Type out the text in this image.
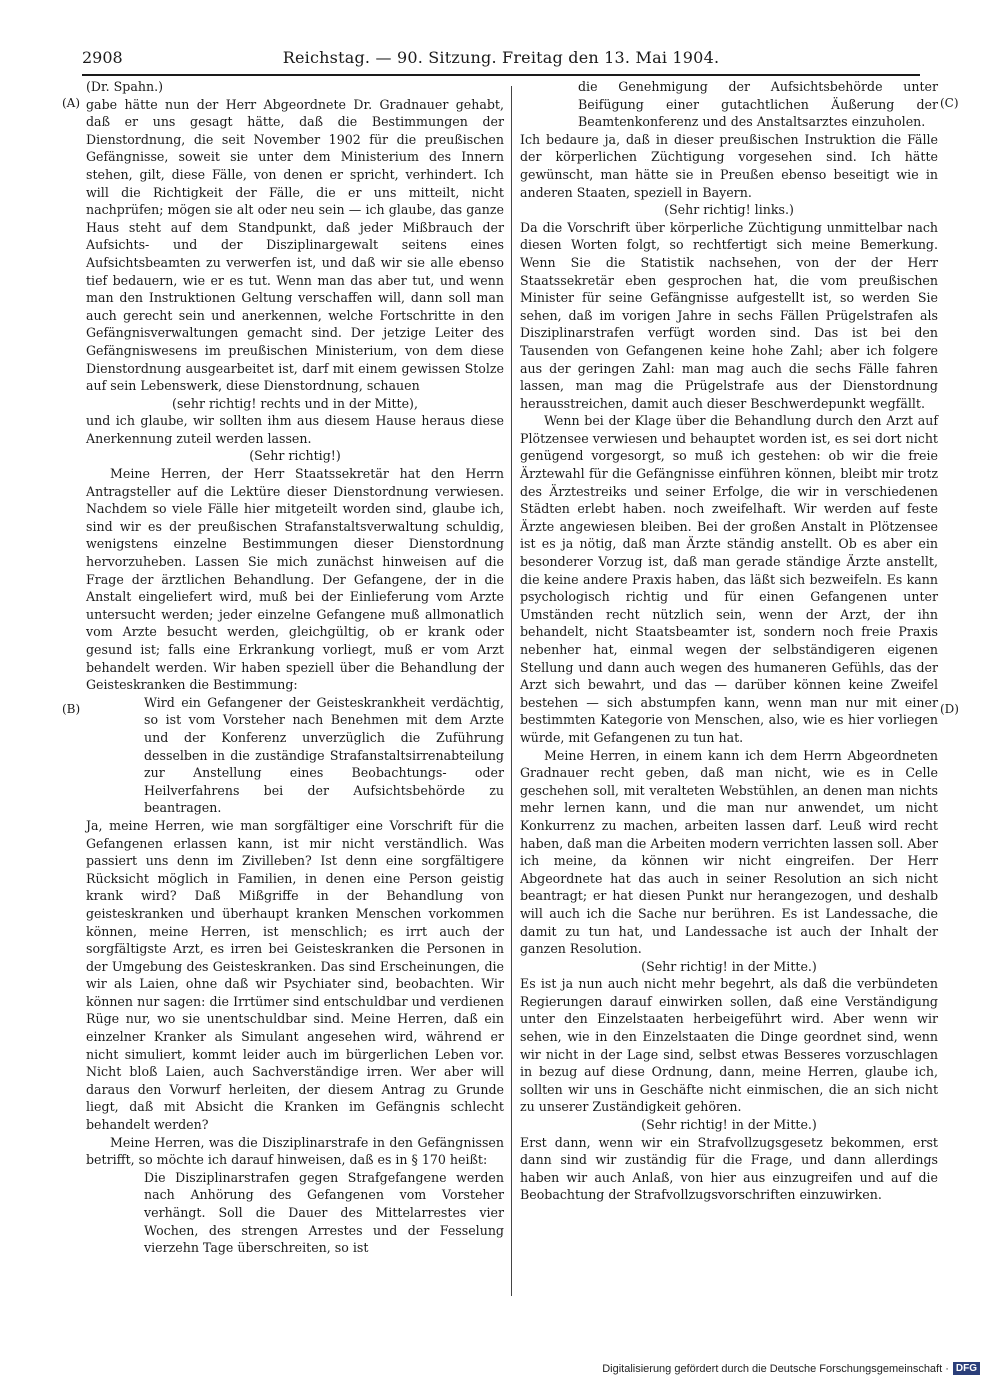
2908	Reichstag. — 90. Sitzung. Freitag den 13. Mai 1904.
(A)
(B)
(C)
(D)

(Dr. Spahn.)

gabe hätte nun der Herr Abgeordnete Dr. Gradnauer gehabt, daß er uns gesagt hätte, daß die Bestimmungen der Dienstordnung, die seit November 1902 für die preußischen Gefängnisse, soweit sie unter dem Ministerium des Innern stehen, gilt, diese Fälle, von denen er spricht, verhindert. Ich will die Richtigkeit der Fälle, die er uns mitteilt, nicht nachprüfen; mögen sie alt oder neu sein — ich glaube, das ganze Haus steht auf dem Standpunkt, daß jeder Mißbrauch der Aufsichts- und der Disziplinargewalt seitens eines Aufsichtsbeamten zu verwerfen ist, und daß wir sie alle ebenso tief bedauern, wie er es tut. Wenn man das aber tut, und wenn man den Instruktionen Geltung verschaffen will, dann soll man auch gerecht sein und anerkennen, welche Fortschritte in den Gefängnisverwaltungen gemacht sind. Der jetzige Leiter des Gefängniswesens im preußischen Ministerium, von dem diese Dienstordnung ausgearbeitet ist, darf mit einem gewissen Stolze auf sein Lebenswerk, diese Dienstordnung, schauen

(sehr richtig! rechts und in der Mitte),

und ich glaube, wir sollten ihm aus diesem Hause heraus diese Anerkennung zuteil werden lassen.

(Sehr richtig!)

Meine Herren, der Herr Staatssekretär hat den Herrn Antragsteller auf die Lektüre dieser Dienstordnung verwiesen. Nachdem so viele Fälle hier mitgeteilt worden sind, glaube ich, sind wir es der preußischen Strafanstaltsverwaltung schuldig, wenigstens einzelne Bestimmungen dieser Dienstordnung hervorzuheben. Lassen Sie mich zunächst hinweisen auf die Frage der ärztlichen Behandlung. Der Gefangene, der in die Anstalt eingeliefert wird, muß bei der Einlieferung vom Arzte untersucht werden; jeder einzelne Gefangene muß allmonatlich vom Arzte besucht werden, gleichgültig, ob er krank oder gesund ist; falls eine Erkrankung vorliegt, muß er vom Arzt behandelt werden. Wir haben speziell über die Behandlung der Geisteskranken die Bestimmung:

Wird ein Gefangener der Geisteskrankheit verdächtig, so ist vom Vorsteher nach Benehmen mit dem Arzte und der Konferenz unverzüglich die Zuführung desselben in die zuständige Strafanstaltsirrenabteilung zur Anstellung eines Beobachtungs- oder Heilverfahrens bei der Aufsichtsbehörde zu beantragen.

Ja, meine Herren, wie man sorgfältiger eine Vorschrift für die Gefangenen erlassen kann, ist mir nicht verständlich. Was passiert uns denn im Zivilleben? Ist denn eine sorgfältigere Rücksicht möglich in Familien, in denen eine Person geistig krank wird? Daß Mißgriffe in der Behandlung von geisteskranken und überhaupt kranken Menschen vorkommen können, meine Herren, ist menschlich; es irrt auch der sorgfältigste Arzt, es irren bei Geisteskranken die Personen in der Umgebung des Geisteskranken. Das sind Erscheinungen, die wir als Laien, ohne daß wir Psychiater sind, beobachten. Wir können nur sagen: die Irrtümer sind entschuldbar und verdienen Rüge nur, wo sie unentschuldbar sind. Meine Herren, daß ein einzelner Kranker als Simulant angesehen wird, während er nicht simuliert, kommt leider auch im bürgerlichen Leben vor. Nicht bloß Laien, auch Sachverständige irren. Wer aber will daraus den Vorwurf herleiten, der diesem Antrag zu Grunde liegt, daß mit Absicht die Kranken im Gefängnis schlecht behandelt werden?

Meine Herren, was die Disziplinarstrafe in den Gefängnissen betrifft, so möchte ich darauf hinweisen, daß es in § 170 heißt:

Die Disziplinarstrafen gegen Strafgefangene werden nach Anhörung des Gefangenen vom Vorsteher verhängt. Soll die Dauer des Mittelarrestes vier Wochen, des strengen Arrestes und der Fesselung vierzehn Tage überschreiten, so ist

die Genehmigung der Aufsichtsbehörde unter Beifügung einer gutachtlichen Äußerung der Beamtenkonferenz und des Anstaltsarztes einzuholen.

Ich bedaure ja, daß in dieser preußischen Instruktion die Fälle der körperlichen Züchtigung vorgesehen sind. Ich hätte gewünscht, man hätte sie in Preußen ebenso beseitigt wie in anderen Staaten, speziell in Bayern.

(Sehr richtig! links.)

Da die Vorschrift über körperliche Züchtigung unmittelbar nach diesen Worten folgt, so rechtfertigt sich meine Bemerkung. Wenn Sie die Statistik nachsehen, von der der Herr Staatssekretär eben gesprochen hat, die vom preußischen Minister für seine Gefängnisse aufgestellt ist, so werden Sie sehen, daß im vorigen Jahre in sechs Fällen Prügelstrafen als Disziplinarstrafen verfügt worden sind. Das ist bei den Tausenden von Gefangenen keine hohe Zahl; aber ich folgere aus der geringen Zahl: man mag auch die sechs Fälle fahren lassen, man mag die Prügelstrafe aus der Dienstordnung herausstreichen, damit auch dieser Beschwerdepunkt wegfällt.

Wenn bei der Klage über die Behandlung durch den Arzt auf Plötzensee verwiesen und behauptet worden ist, es sei dort nicht genügend vorgesorgt, so muß ich gestehen: ob wir die freie Ärztewahl für die Gefängnisse einführen können, bleibt mir trotz des Ärztestreiks und seiner Erfolge, die wir in verschiedenen Städten erlebt haben. noch zweifelhaft. Wir werden auf feste Ärzte angewiesen bleiben. Bei der großen Anstalt in Plötzensee ist es ja nötig, daß man Ärzte ständig anstellt. Ob es aber ein besonderer Vorzug ist, daß man gerade ständige Ärzte anstellt, die keine andere Praxis haben, das läßt sich bezweifeln. Es kann psychologisch richtig und für einen Gefangenen unter Umständen recht nützlich sein, wenn der Arzt, der ihn behandelt, nicht Staatsbeamter ist, sondern noch freie Praxis nebenher hat, einmal wegen der selbständigeren eigenen Stellung und dann auch wegen des humaneren Gefühls, das der Arzt sich bewahrt, und das — darüber können keine Zweifel bestehen — sich abstumpfen kann, wenn man nur mit einer bestimmten Kategorie von Menschen, also, wie es hier vorliegen würde, mit Gefangenen zu tun hat.

Meine Herren, in einem kann ich dem Herrn Abgeordneten Gradnauer recht geben, daß man nicht, wie es in Celle geschehen soll, mit veralteten Webstühlen, an denen man nichts mehr lernen kann, und die man nur anwendet, um nicht Konkurrenz zu machen, arbeiten lassen darf. Leuß wird recht haben, daß man die Arbeiten modern verrichten lassen soll. Aber ich meine, da können wir nicht eingreifen. Der Herr Abgeordnete hat das auch in seiner Resolution an sich nicht beantragt; er hat diesen Punkt nur herangezogen, und deshalb will auch ich die Sache nur berühren. Es ist Landessache, die damit zu tun hat, und Landessache ist auch der Inhalt der ganzen Resolution.

(Sehr richtig! in der Mitte.)

Es ist ja nun auch nicht mehr begehrt, als daß die verbündeten Regierungen darauf einwirken sollen, daß eine Verständigung unter den Einzelstaaten herbeigeführt wird. Aber wenn wir sehen, wie in den Einzelstaaten die Dinge geordnet sind, wenn wir nicht in der Lage sind, selbst etwas Besseres vorzuschlagen in bezug auf diese Ordnung, dann, meine Herren, glaube ich, sollten wir uns in Geschäfte nicht einmischen, die an sich nicht zu unserer Zuständigkeit gehören.

(Sehr richtig! in der Mitte.)

Erst dann, wenn wir ein Strafvollzugsgesetz bekommen, erst dann sind wir zuständig für die Frage, und dann allerdings haben wir auch Anlaß, von hier aus einzugreifen und auf die Beobachtung der Strafvollzugsvorschriften einzuwirken.

Digitalisierung gefördert durch die Deutsche Forschungsgemeinschaft · DFG
